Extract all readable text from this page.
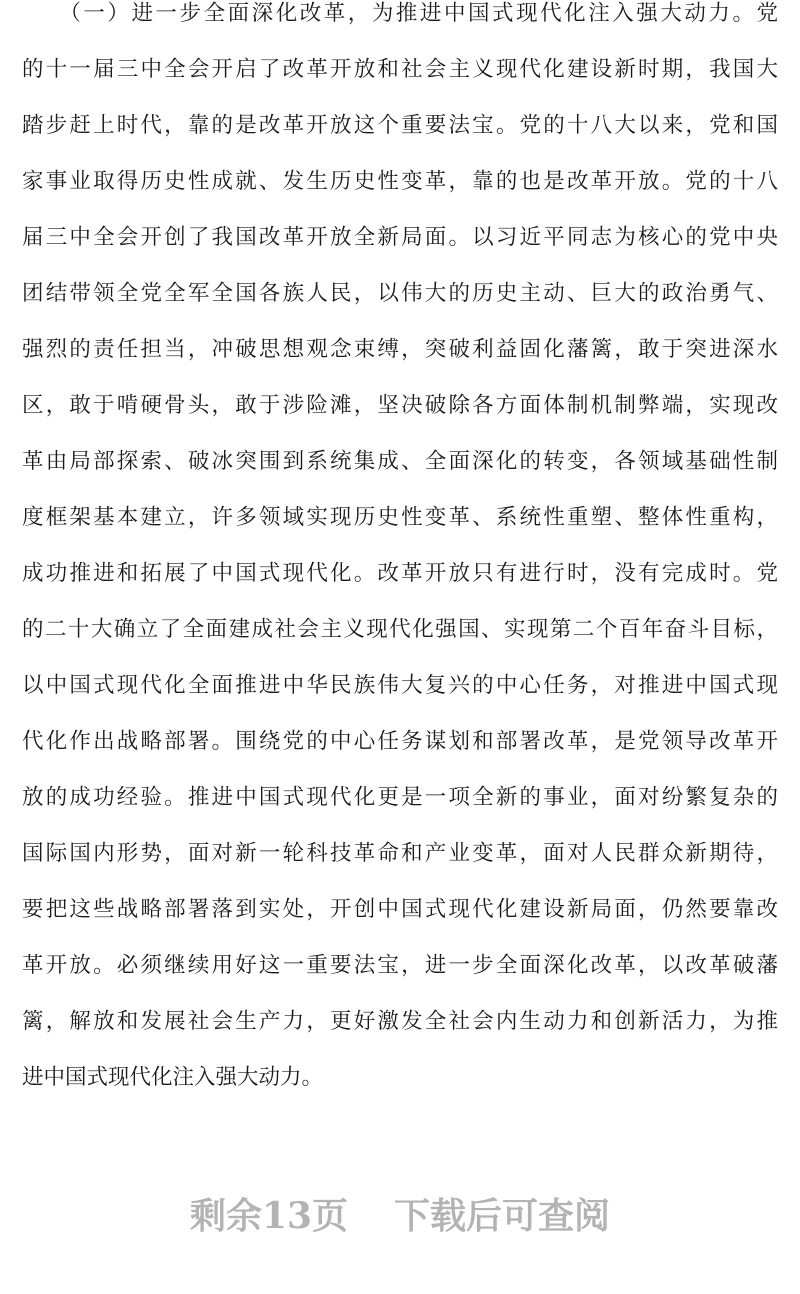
　　（一）进一步全面深化改革，为推进中国式现代化注入强大动力。党
的十一届三中全会开启了改革开放和社会主义现代化建设新时期，我国大
踏步赶上时代，靠的是改革开放这个重要法宝。党的十八大以来，党和国
家事业取得历史性成就、发生历史性变革，靠的也是改革开放。党的十八
届三中全会开创了我国改革开放全新局面。以习近平同志为核心的党中央
团结带领全党全军全国各族人民，以伟大的历史主动、巨大的政治勇气、
强烈的责任担当，冲破思想观念束缚，突破利益固化藩篱，敢于突进深水
区，敢于啃硬骨头，敢于涉险滩，坚决破除各方面体制机制弊端，实现改
革由局部探索、破冰突围到系统集成、全面深化的转变，各领域基础性制
度框架基本建立，许多领域实现历史性变革、系统性重塑、整体性重构，
成功推进和拓展了中国式现代化。改革开放只有进行时，没有完成时。党
的二十大确立了全面建成社会主义现代化强国、实现第二个百年奋斗目标，
以中国式现代化全面推进中华民族伟大复兴的中心任务，对推进中国式现
代化作出战略部署。围绕党的中心任务谋划和部署改革，是党领导改革开
放的成功经验。推进中国式现代化更是一项全新的事业，面对纷繁复杂的
国际国内形势，面对新一轮科技革命和产业变革，面对人民群众新期待，
要把这些战略部署落到实处，开创中国式现代化建设新局面，仍然要靠改
革开放。必须继续用好这一重要法宝，进一步全面深化改革，以改革破藩
篱，解放和发展社会生产力，更好激发全社会内生动力和创新活力，为推
进中国式现代化注入强大动力。
剩余13页 下载后可查阅
